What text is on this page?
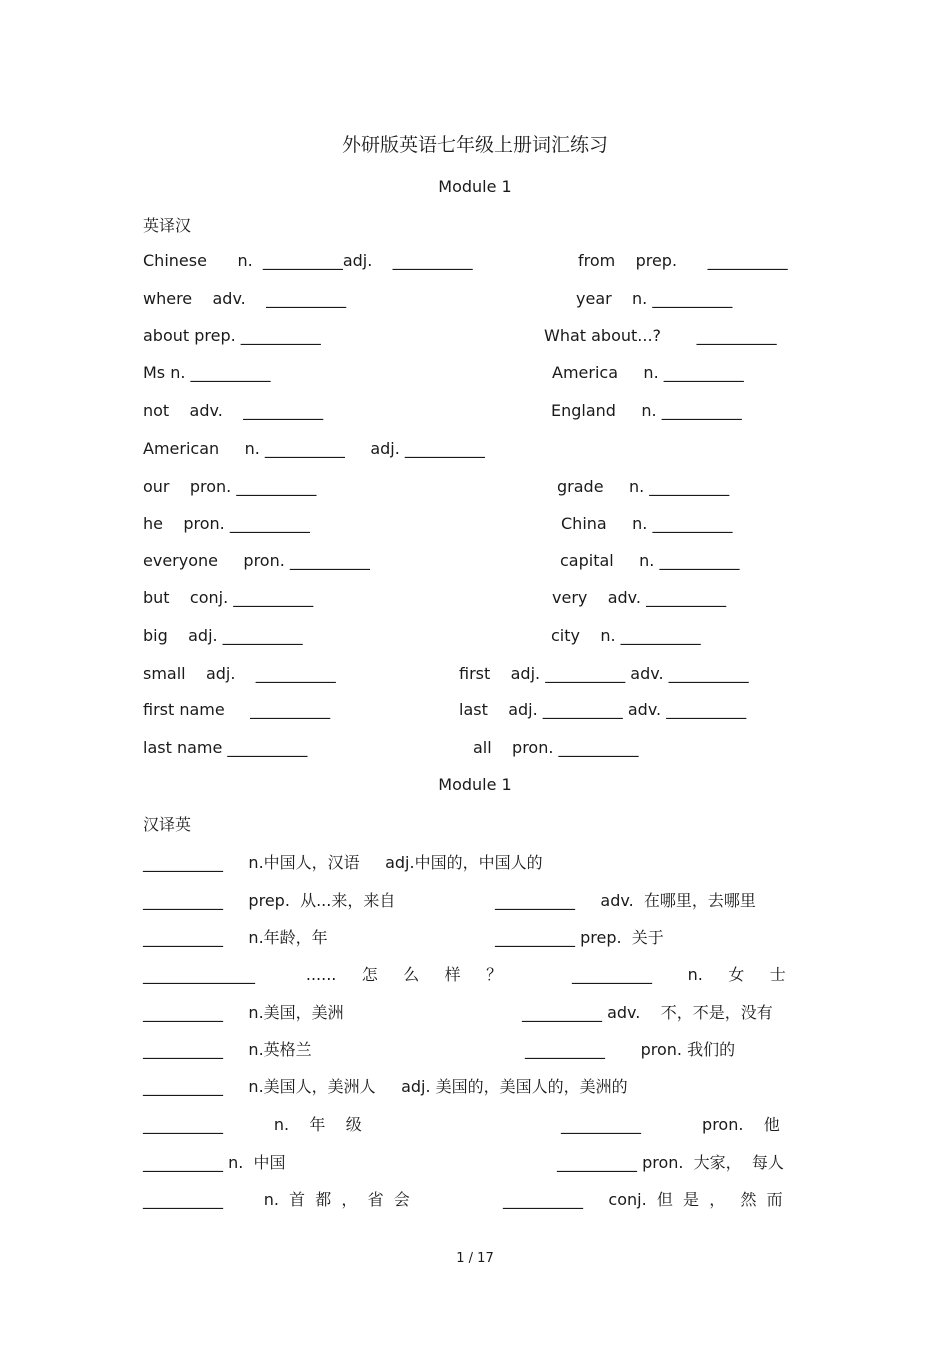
外研版英语七年级上册词汇练习
Module 1
英译汉
Chinese      n.  __________adj.    __________	from    prep.      __________
where    adv.    __________	year    n. __________
about prep. __________	What about...?       __________
Ms n. __________	America     n. __________
not    adv.    __________	England     n. __________
American     n. __________     adj. __________
our    pron. __________	grade     n. __________
he    pron. __________	China     n. __________
everyone     pron. __________	capital     n. __________
but    conj. __________	very    adv. __________
big    adj. __________	city    n. __________
small    adj.    __________	first    adj. __________ adv. __________
first name     __________	last    adj. __________ adv. __________
last name __________	all    pron. __________
Module 1
汉译英
__________     n.中国人，汉语     adj.中国的，中国人的
__________     prep.  从...来，来自	__________     adv.  在哪里，去哪里
__________     n.年龄，年	__________ prep.  关于
______________          ......     怎     么     样     ？	__________       n.     女     士
__________     n.美国，美洲	__________ adv.    不，不是，没有
__________     n.英格兰	__________       pron. 我们的
__________     n.美国人，美洲人     adj. 美国的，美国人的，美洲的
__________          n.    年    级	__________            pron.    他
__________ n.  中国	__________ pron.  大家，  每人
__________        n.  首  都  ，  省  会	__________     conj.  但  是  ，   然  而
1 / 17
